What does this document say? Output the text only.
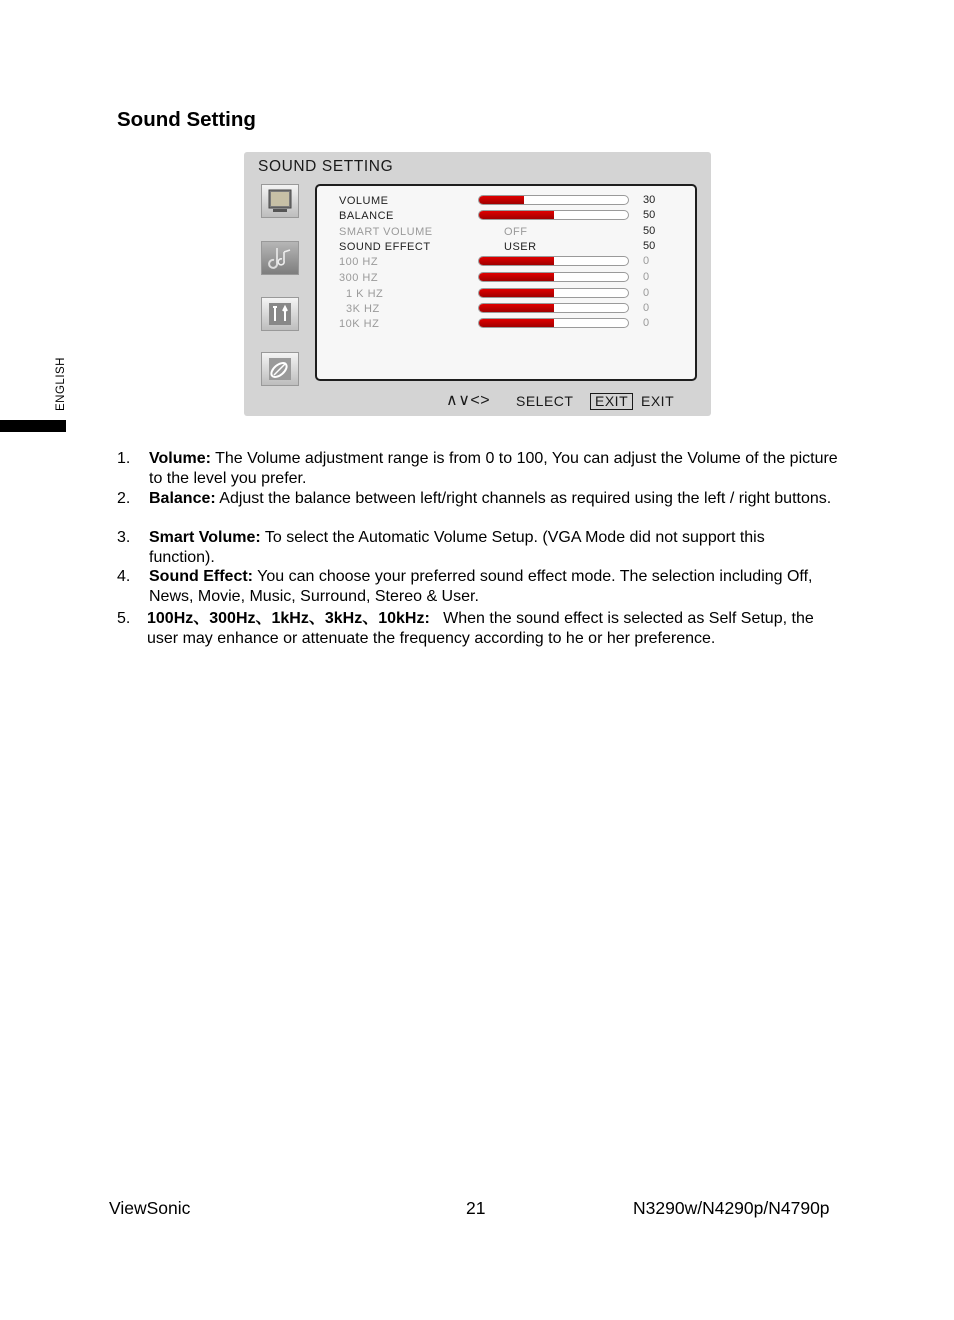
ENGLISH
Sound Setting
SOUND SETTING
VOLUME	30
BALANCE	50
SMART VOLUME	OFF	50
SOUND EFFECT	USER	50
100 HZ	0
300 HZ	0
1 K HZ	0
3K HZ	0
10K HZ	0
∧∨<> SELECT	EXIT EXIT
1. Volume: The Volume adjustment range is from 0 to 100, You can adjust the Volume of the picture to the level you prefer.
2. Balance: Adjust the balance between left/right channels as required using the left / right buttons.
3. Smart Volume: To select the Automatic Volume Setup. (VGA Mode did not support this function).
4. Sound Effect: You can choose your preferred sound effect mode. The selection including Off, News, Movie, Music, Surround, Stereo & User.
5. 100Hz、300Hz、1kHz、3kHz、10kHz:   When the sound effect is selected as Self Setup, the user may enhance or attenuate the frequency according to he or her preference.
ViewSonic	21	N3290w/N4290p/N4790p
